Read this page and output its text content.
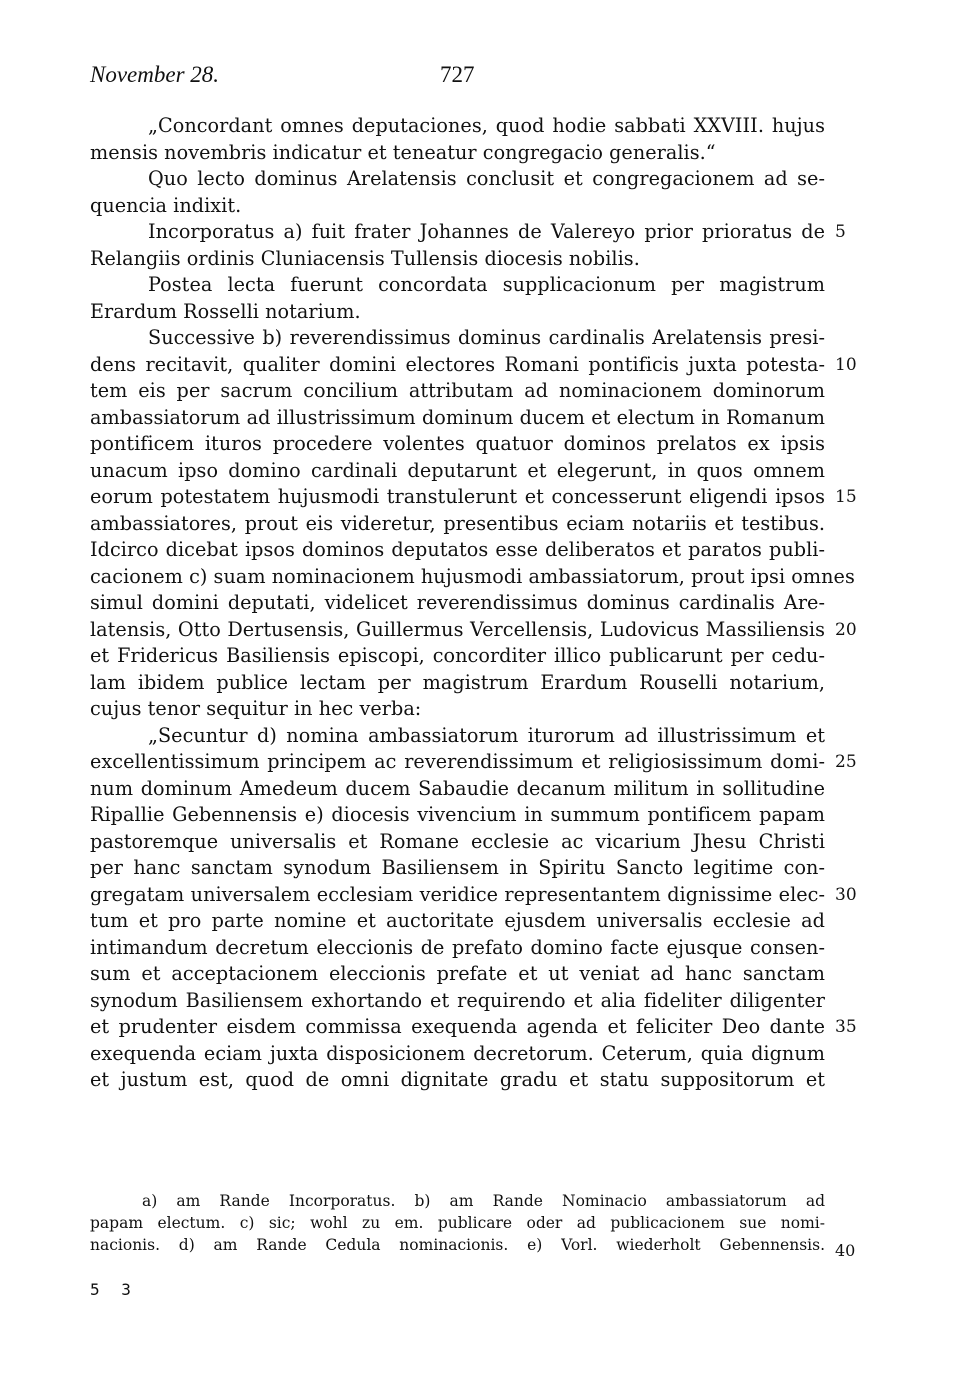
November 28.	727
„Concordant omnes deputaciones, quod hodie sabbati XXVIII. hujus
mensis novembris indicatur et teneatur congregacio generalis.“
Quo lecto dominus Arelatensis conclusit et congregacionem ad se-
quencia indixit.
Incorporatus a) fuit frater Johannes de Valereyo prior prioratus de
Relangiis ordinis Cluniacensis Tullensis diocesis nobilis.
Postea lecta fuerunt concordata supplicacionum per magistrum
Erardum Rosselli notarium.
Successive b) reverendissimus dominus cardinalis Arelatensis presi-
dens recitavit, qualiter domini electores Romani pontificis juxta potesta-
tem eis per sacrum concilium attributam ad nominacionem dominorum
ambassiatorum ad illustrissimum dominum ducem et electum in Romanum
pontificem ituros procedere volentes quatuor dominos prelatos ex ipsis
unacum ipso domino cardinali deputarunt et elegerunt, in quos omnem
eorum potestatem hujusmodi transtulerunt et concesserunt eligendi ipsos
ambassiatores, prout eis videretur, presentibus eciam notariis et testibus.
Idcirco dicebat ipsos dominos deputatos esse deliberatos et paratos publi-
cacionem c) suam nominacionem hujusmodi ambassiatorum, prout ipsi omnes
simul domini deputati, videlicet reverendissimus dominus cardinalis Are-
latensis, Otto Dertusensis, Guillermus Vercellensis, Ludovicus Massiliensis
et Fridericus Basiliensis episcopi, concorditer illico publicarunt per cedu-
lam ibidem publice lectam per magistrum Erardum Rouselli notarium,
cujus tenor sequitur in hec verba:
„Secuntur d) nomina ambassiatorum iturorum ad illustrissimum et
excellentissimum principem ac reverendissimum et religiosissimum domi-
num dominum Amedeum ducem Sabaudie decanum militum in sollitudine
Ripallie Gebennensis e) diocesis vivencium in summum pontificem papam
pastoremque universalis et Romane ecclesie ac vicarium Jhesu Christi
per hanc sanctam synodum Basiliensem in Spiritu Sancto legitime con-
gregatam universalem ecclesiam veridice representantem dignissime elec-
tum et pro parte nomine et auctoritate ejusdem universalis ecclesie ad
intimandum decretum eleccionis de prefato domino facte ejusque consen-
sum et acceptacionem eleccionis prefate et ut veniat ad hanc sanctam
synodum Basiliensem exhortando et requirendo et alia fideliter diligenter
et prudenter eisdem commissa exequenda agenda et feliciter Deo dante
exequenda eciam juxta disposicionem decretorum. Ceterum, quia dignum
et justum est, quod de omni dignitate gradu et statu suppositorum et
5
10
15
20
25
30
35
a) am Rande Incorporatus. b) am Rande Nominacio ambassiatorum ad
papam electum. c) sic; wohl zu em. publicare oder ad publicacionem sue nomi-
nacionis. d) am Rande Cedula nominacionis. e) Vorl. wiederholt Gebennensis. 40
5 3
